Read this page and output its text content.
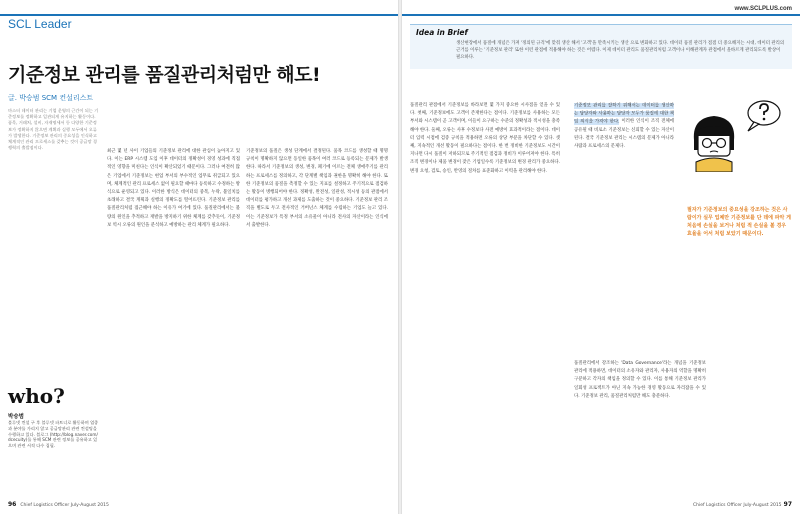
SCL Leader
기준정보 관리를 품질관리처럼만 해도!
글. 박승범 SCM 컨설리스트
마스터 데이터 관리는 기업 운영의 근간이 되는 기준정보를 정확하고 일관되게 유지하는 활동이다. 품목, 거래처, 설비, 자재명세서 등 다양한 기준정보가 정확하지 않으면 계획과 실행 모두에서 오류가 발생한다. 기준정보 관리의 중요성을 인식하고 체계적인 관리 프로세스를 갖추는 것이 공급망 경쟁력의 출발점이다.
who?
박승범
블루넷 컨설 구 후 블루넷 파트너로 활동하며 업종과 분야를 가리지 않고 공급망관리 관련 컨설팅을 수행하고 있다. 블로그 (http://blog.naver.com/dcecuity)를 통해 SCM 관련 정보를 공유하고 있으며 관련 서적 다수 집필.
최근 몇 년 사이 기업들의 기준정보 관리에 대한 관심이 높아지고 있다. 이는 ERP 시스템 도입 이후 데이터의 정확성이 경영 성과에 직접적인 영향을 미친다는 인식이 확산되었기 때문이다. 그러나 여전히 많은 기업에서 기준정보는 현업 부서의 부수적인 업무로 취급되고 있으며, 체계적인 관리 프로세스 없이 필요할 때마다 등록하고 수정하는 방식으로 운영되고 있다. 이러한 방식은 데이터의 중복, 누락, 불일치를 초래하고 결국 계획과 실행의 정확도를 떨어뜨린다. 기준정보 관리를 품질관리처럼 접근해야 하는 이유가 여기에 있다. 품질관리에서는 불량의 원인을 추적하고 재발을 방지하기 위한 체계를 갖추듯이, 기준정보 역시 오류의 원인을 분석하고 예방하는 관리 체계가 필요하다.
기준정보의 품질은 생성 단계에서 결정된다. 품목 코드를 생성할 때 명명 규칙이 명확하지 않으면 동일한 품목이 여러 코드로 등록되는 문제가 발생한다. 따라서 기준정보의 생성, 변경, 폐기에 이르는 전체 생애주기를 관리하는 프로세스를 정의하고, 각 단계별 책임과 권한을 명확히 해야 한다. 또한 기준정보의 품질을 측정할 수 있는 지표를 설정하고 주기적으로 점검하는 활동이 병행되어야 한다. 정확성, 완전성, 일관성, 적시성 등의 관점에서 데이터를 평가하고 개선 과제를 도출하는 것이 중요하다. 기준정보 관리 조직을 별도로 두고 전사적인 거버넌스 체계를 수립하는 기업도 늘고 있다. 이는 기준정보가 특정 부서의 소유물이 아니라 전사의 자산이라는 인식에서 출발한다.
96 Chief Logistics Officer July-August 2015
www.SCLPLUS.com
Idea in Brief
생산현장에서 품질에 개념은 가져 '정의된 규격'에 맞춰 생산 해서 '고객'을 만족시키는 생산 으로 변화하고 있다. 데이터 품질 관리가 점점 더 중요해지는 시대, 데이터 관리의 근거를 이루는 '기준정보 관리' 또한 이런 관점에 적용해야 하는 것은 어렵다. 이제 데이터 관리도 품질관리처럼 고객이나 이해관계자 관점에서 올바르게 관리되도록 발상이 필요하다.
품질관리 관점에서 기준정보를 바라보면 몇 가지 중요한 시사점을 얻을 수 있다. 첫째, 기준정보에도 고객이 존재한다는 점이다. 기준정보를 사용하는 모든 부서와 시스템이 곧 고객이며, 이들이 요구하는 수준의 정확성과 적시성을 충족해야 한다. 둘째, 오류는 사후 수정보다 사전 예방이 효과적이라는 점이다. 데이터 입력 시점에 검증 규칙을 적용하면 오류의 상당 부분을 차단할 수 있다. 셋째, 지속적인 개선 활동이 필요하다는 점이다. 한 번 정비한 기준정보도 시간이 지나면 다시 품질이 저하되므로 주기적인 점검과 정비가 이루어져야 한다. 특히 조직 변경이나 제품 변경이 잦은 기업일수록 기준정보의 변경 관리가 중요하다. 변경 요청, 검토, 승인, 반영의 절차를 표준화하고 이력을 관리해야 한다.
기준정보 관리를 잘하기 위해서는 데이터를 생산하는 담당자와 사용하는 담당자 모두가 품질에 대한 책임 의식을 가져야 한다. 이러한 인식이 조직 전체에 공유될 때 비로소 기준정보는 신뢰할 수 있는 자산이 된다. 결국 기준정보 관리는 시스템의 문제가 아니라 사람과 프로세스의 문제다.
품질관리에서 강조하는 'Data Governance'라는 개념을 기준정보 관리에 적용하면, 데이터의 소유자와 관리자, 사용자의 역할을 명확히 구분하고 각자의 책임을 정의할 수 있다. 이를 통해 기준정보 관리가 일회성 프로젝트가 아닌 지속 가능한 경영 활동으로 자리잡을 수 있다. 기준정보 관리, 품질관리처럼만 해도 충분하다.
필자가 기준정보의 중요성을 강조하는 것은 사람이가 실무 업체만 기준정보를 단 데에 파악 게 처음에 손실을 보거나 처럼 적 손실을 볼 경우 효율을 어서 처럼 보았기 때문이다.
Chief Logistics Officer July-August 2015 97
